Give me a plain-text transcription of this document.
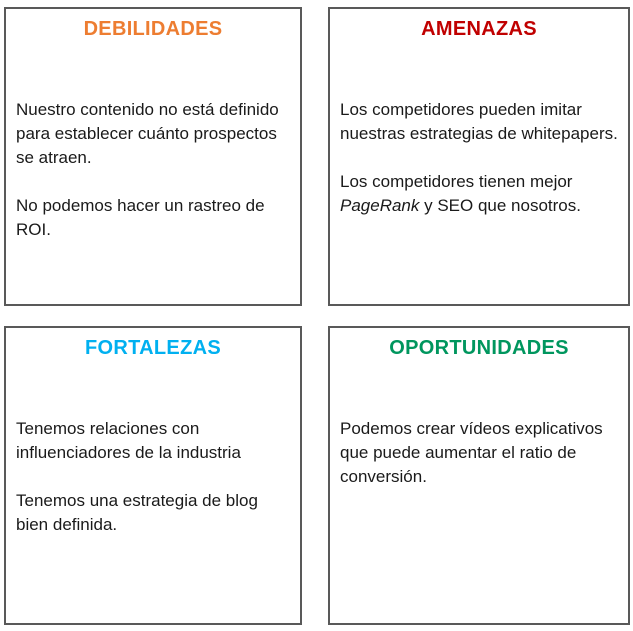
DEBILIDADES

Nuestro contenido no está definido para establecer cuánto prospectos se atraen.

No podemos hacer un rastreo de ROI.

AMENAZAS

Los competidores pueden imitar nuestras estrategias de whitepapers.

Los competidores tienen mejor PageRank y SEO que nosotros.

FORTALEZAS

Tenemos relaciones con influenciadores de la industria

Tenemos una estrategia de blog bien definida.

OPORTUNIDADES

Podemos crear vídeos explicativos que puede aumentar el ratio de conversión.
